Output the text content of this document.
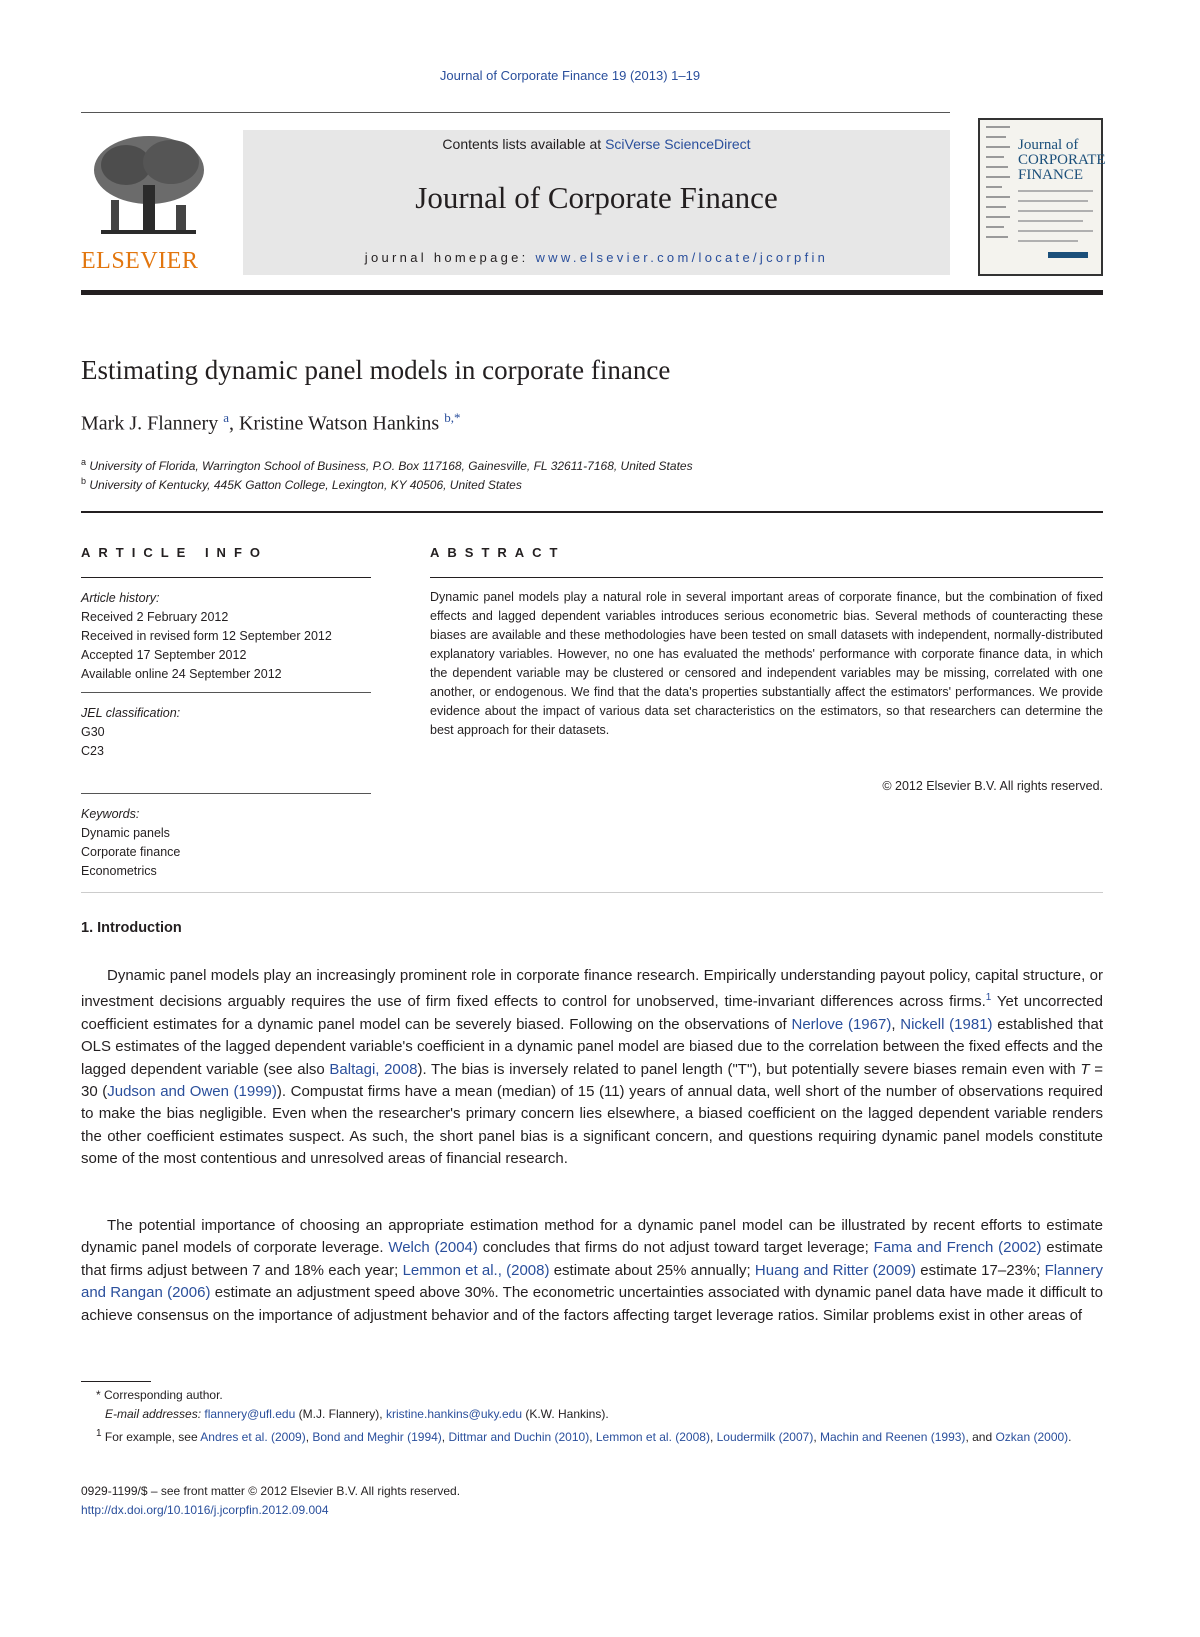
Journal of Corporate Finance 19 (2013) 1–19
ELSEVIER
Contents lists available at SciVerse ScienceDirect
Journal of Corporate Finance
journal homepage: www.elsevier.com/locate/jcorpfin
Journal of
CORPORATE
FINANCE
Estimating dynamic panel models in corporate finance
Mark J. Flannery $^a$, Kristine Watson Hankins $^{b,*}$
$^a$ University of Florida, Warrington School of Business, P.O. Box 117168, Gainesville, FL 32611-7168, United States
$^b$ University of Kentucky, 445K Gatton College, Lexington, KY 40506, United States
ARTICLE INFO	ABSTRACT
Article history:
Received 2 February 2012
Received in revised form 12 September 2012
Accepted 17 September 2012
Available online 24 September 2012
JEL classification:
G30
C23
Keywords:
Dynamic panels
Corporate finance
Econometrics
Dynamic panel models play a natural role in several important areas of corporate finance, but the combination of fixed effects and lagged dependent variables introduces serious econometric bias. Several methods of counteracting these biases are available and these methodologies have been tested on small datasets with independent, normally-distributed explanatory variables. However, no one has evaluated the methods' performance with corporate finance data, in which the dependent variable may be clustered or censored and independent variables may be missing, correlated with one another, or endogenous. We find that the data's properties substantially affect the estimators' performances. We provide evidence about the impact of various data set characteristics on the estimators, so that researchers can determine the best approach for their datasets.
© 2012 Elsevier B.V. All rights reserved.
1. Introduction
Dynamic panel models play an increasingly prominent role in corporate finance research. Empirically understanding payout policy, capital structure, or investment decisions arguably requires the use of firm fixed effects to control for unobserved, time-invariant differences across firms.$^1$ Yet uncorrected coefficient estimates for a dynamic panel model can be severely biased. Following on the observations of Nerlove (1967), Nickell (1981) established that OLS estimates of the lagged dependent variable's coefficient in a dynamic panel model are biased due to the correlation between the fixed effects and the lagged dependent variable (see also Baltagi, 2008). The bias is inversely related to panel length ("T"), but potentially severe biases remain even with T = 30 (Judson and Owen (1999)). Compustat firms have a mean (median) of 15 (11) years of annual data, well short of the number of observations required to make the bias negligible. Even when the researcher's primary concern lies elsewhere, a biased coefficient on the lagged dependent variable renders the other coefficient estimates suspect. As such, the short panel bias is a significant concern, and questions requiring dynamic panel models constitute some of the most contentious and unresolved areas of financial research.
The potential importance of choosing an appropriate estimation method for a dynamic panel model can be illustrated by recent efforts to estimate dynamic panel models of corporate leverage. Welch (2004) concludes that firms do not adjust toward target leverage; Fama and French (2002) estimate that firms adjust between 7 and 18% each year; Lemmon et al., (2008) estimate about 25% annually; Huang and Ritter (2009) estimate 17–23%; Flannery and Rangan (2006) estimate an adjustment speed above 30%. The econometric uncertainties associated with dynamic panel data have made it difficult to achieve consensus on the importance of adjustment behavior and of the factors affecting target leverage ratios. Similar problems exist in other areas of
* Corresponding author.
E-mail addresses: flannery@ufl.edu (M.J. Flannery), kristine.hankins@uky.edu (K.W. Hankins).
$^1$ For example, see Andres et al. (2009), Bond and Meghir (1994), Dittmar and Duchin (2010), Lemmon et al. (2008), Loudermilk (2007), Machin and Reenen (1993), and Ozkan (2000).
0929-1199/$ – see front matter © 2012 Elsevier B.V. All rights reserved.
http://dx.doi.org/10.1016/j.jcorpfin.2012.09.004
